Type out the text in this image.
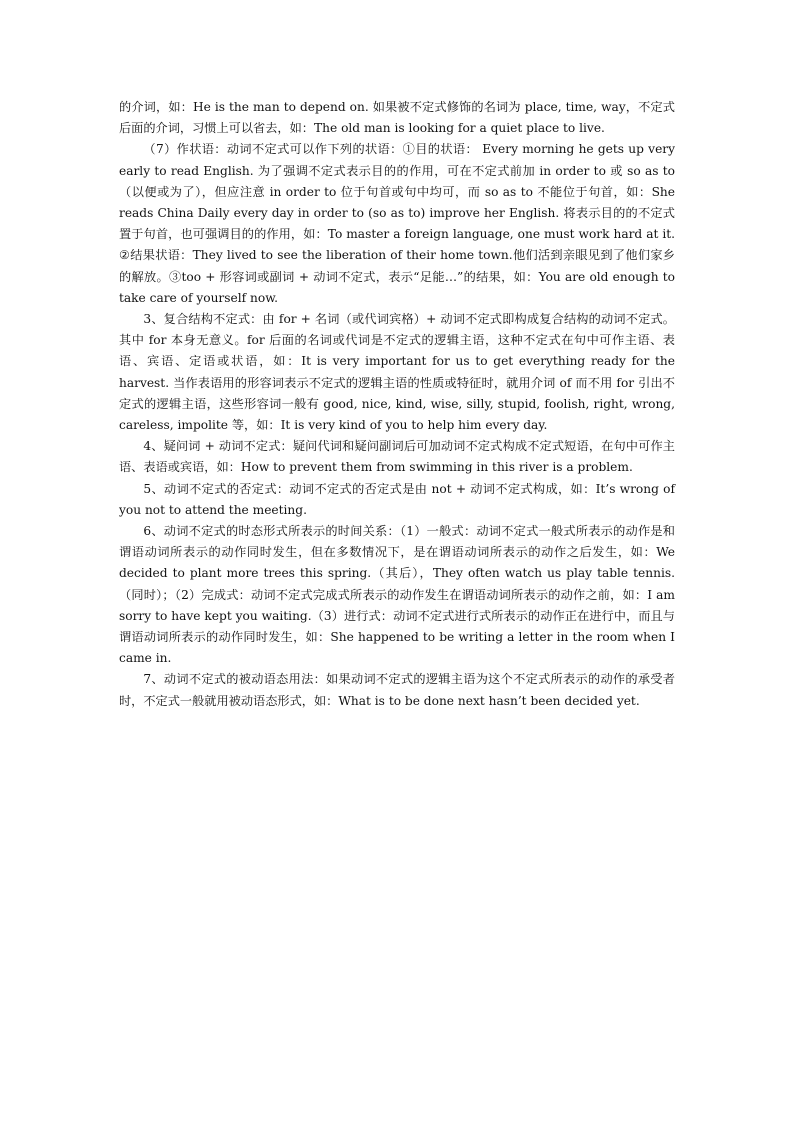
的介词，如：He is the man to depend on. 如果被不定式修饰的名词为 place, time, way，不定式后面的介词，习惯上可以省去，如：The old man is looking for a quiet place to live.

（7）作状语：动词不定式可以作下列的状语：①目的状语： Every morning he gets up very early to read English. 为了强调不定式表示目的的作用，可在不定式前加 in order to 或 so as to（以便或为了），但应注意 in order to 位于句首或句中均可，而 so as to 不能位于句首，如：She reads China Daily every day in order to (so as to) improve her English. 将表示目的的不定式置于句首，也可强调目的的作用，如：To master a foreign language, one must work hard at it. ②结果状语：They lived to see the liberation of their home town.他们活到亲眼见到了他们家乡的解放。③too + 形容词或副词 + 动词不定式，表示“足能…”的结果，如：You are old enough to take care of yourself now.

3、复合结构不定式：由 for + 名词（或代词宾格）+ 动词不定式即构成复合结构的动词不定式。其中 for 本身无意义。for 后面的名词或代词是不定式的逻辑主语，这种不定式在句中可作主语、表语、宾语、定语或状语，如：It is very important for us to get everything ready for the harvest. 当作表语用的形容词表示不定式的逻辑主语的性质或特征时，就用介词 of 而不用 for 引出不定式的逻辑主语，这些形容词一般有 good, nice, kind, wise, silly, stupid, foolish, right, wrong, careless, impolite 等，如：It is very kind of you to help him every day.

4、疑问词 + 动词不定式：疑问代词和疑问副词后可加动词不定式构成不定式短语，在句中可作主语、表语或宾语，如：How to prevent them from swimming in this river is a problem.

5、动词不定式的否定式：动词不定式的否定式是由 not + 动词不定式构成，如：It’s wrong of you not to attend the meeting.

6、动词不定式的时态形式所表示的时间关系：（1）一般式：动词不定式一般式所表示的动作是和谓语动词所表示的动作同时发生，但在多数情况下，是在谓语动词所表示的动作之后发生，如：We decided to plant more trees this spring.（其后），They often watch us play table tennis.（同时）；（2）完成式：动词不定式完成式所表示的动作发生在谓语动词所表示的动作之前，如：I am sorry to have kept you waiting.（3）进行式：动词不定式进行式所表示的动作正在进行中，而且与谓语动词所表示的动作同时发生，如：She happened to be writing a letter in the room when I came in.

7、动词不定式的被动语态用法：如果动词不定式的逻辑主语为这个不定式所表示的动作的承受者时，不定式一般就用被动语态形式，如：What is to be done next hasn’t been decided yet.
